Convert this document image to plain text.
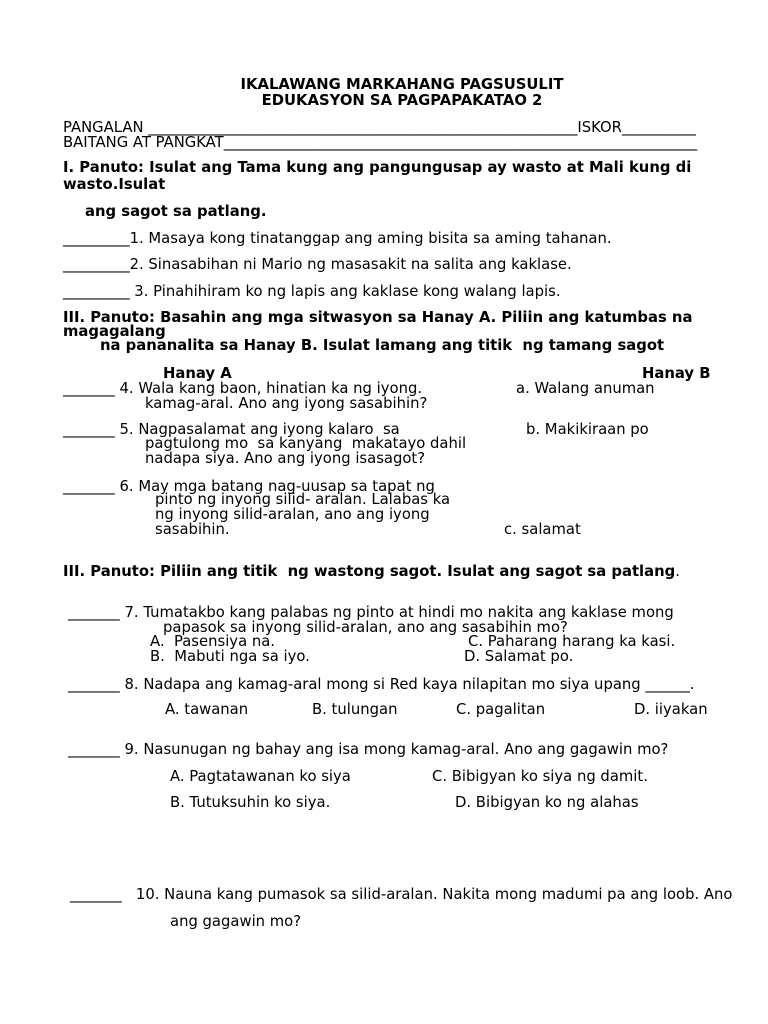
IKALAWANG MARKAHANG PAGSUSULIT
EDUKASYON SA PAGPAPAKATAO 2
PANGALAN __________________________________________________________ISKOR__________
BAITANG AT PANGKAT________________________________________________________________
I. Panuto: Isulat ang Tama kung ang pangungusap ay wasto at Mali kung di
wasto.Isulat
ang sagot sa patlang.
_________1. Masaya kong tinatanggap ang aming bisita sa aming tahanan.
_________2. Sinasabihan ni Mario ng masasakit na salita ang kaklase.
_________ 3. Pinahihiram ko ng lapis ang kaklase kong walang lapis.
III. Panuto: Basahin ang mga sitwasyon sa Hanay A. Piliin ang katumbas na
magagalang
na pananalita sa Hanay B. Isulat lamang ang titik  ng tamang sagot
Hanay A	Hanay B
_______ 4. Wala kang baon, hinatian ka ng iyong.
kamag-aral. Ano ang iyong sasabihin?
a. Walang anuman
_______ 5. Nagpasalamat ang iyong kalaro  sa
pagtulong mo  sa kanyang  makatayo dahil
nadapa siya. Ano ang iyong isasagot?
b. Makikiraan po
_______ 6. May mga batang nag-uusap sa tapat ng
pinto ng inyong silid- aralan. Lalabas ka
ng inyong silid-aralan, ano ang iyong
sasabihin.	c. salamat
III. Panuto: Piliin ang titik  ng wastong sagot. Isulat ang sagot sa patlang.
_______ 7. Tumatakbo kang palabas ng pinto at hindi mo nakita ang kaklase mong
papasok sa inyong silid-aralan, ano ang sasabihin mo?
A.  Pasensiya na.	C. Paharang harang ka kasi.
B.  Mabuti nga sa iyo.	D. Salamat po.
_______ 8. Nadapa ang kamag-aral mong si Red kaya nilapitan mo siya upang ______.
A. tawanan	B. tulungan	C. pagalitan	D. iiyakan
_______ 9. Nasunugan ng bahay ang isa mong kamag-aral. Ano ang gagawin mo?
A. Pagtatawanan ko siya	C. Bibigyan ko siya ng damit.
B. Tutuksuhin ko siya.	D. Bibigyan ko ng alahas
_______   10. Nauna kang pumasok sa silid-aralan. Nakita mong madumi pa ang loob. Ano
ang gagawin mo?
